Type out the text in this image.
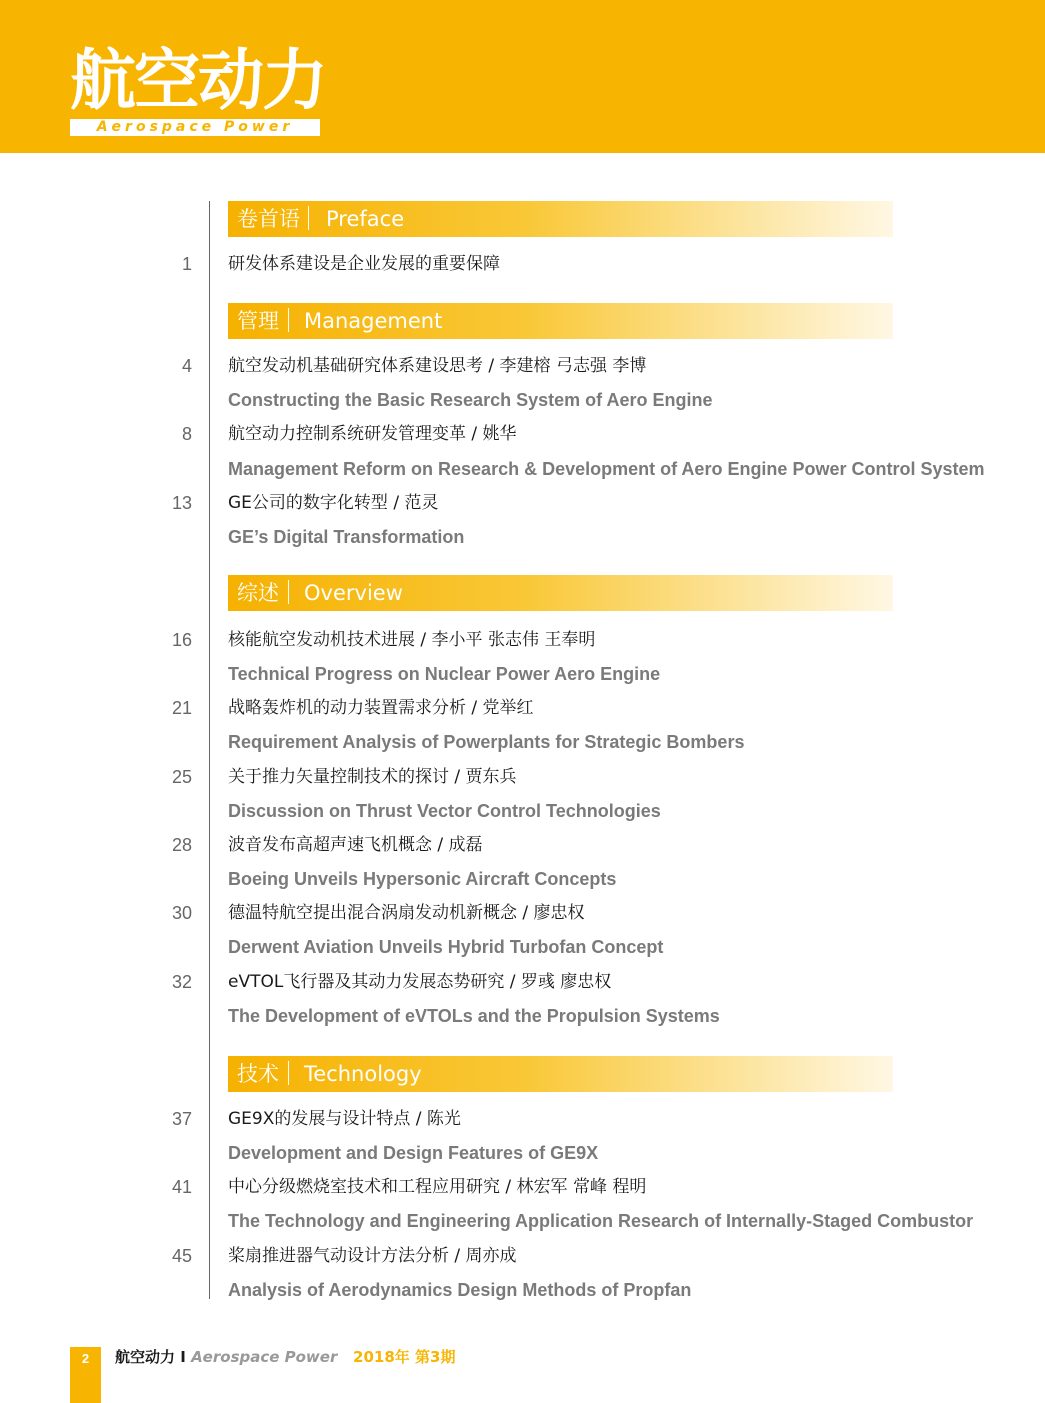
航空动力
Aerospace Power
卷首语 Preface
1 研发体系建设是企业发展的重要保障
管理 Management
4 航空发动机基础研究体系建设思考 / 李建榕 弓志强 李博
Constructing the Basic Research System of Aero Engine
8 航空动力控制系统研发管理变革 / 姚华
Management Reform on Research & Development of Aero Engine Power Control System
13 GE公司的数字化转型 / 范灵
GE’s Digital Transformation
综述 Overview
16 核能航空发动机技术进展 / 李小平 张志伟 王奉明
Technical Progress on Nuclear Power Aero Engine
21 战略轰炸机的动力装置需求分析 / 党举红
Requirement Analysis of Powerplants for Strategic Bombers
25 关于推力矢量控制技术的探讨 / 贾东兵
Discussion on Thrust Vector Control Technologies
28 波音发布高超声速飞机概念 / 成磊
Boeing Unveils Hypersonic Aircraft Concepts
30 德温特航空提出混合涡扇发动机新概念 / 廖忠权
Derwent Aviation Unveils Hybrid Turbofan Concept
32 eVTOL飞行器及其动力发展态势研究 / 罗彧 廖忠权
The Development of eVTOLs and the Propulsion Systems
技术 Technology
37 GE9X的发展与设计特点 / 陈光
Development and Design Features of GE9X
41 中心分级燃烧室技术和工程应用研究 / 林宏军 常峰 程明
The Technology and Engineering Application Research of Internally-Staged Combustor
45 桨扇推进器气动设计方法分析 / 周亦成
Analysis of Aerodynamics Design Methods of Propfan
2	航空动力 I Aerospace Power 2018年 第3期
